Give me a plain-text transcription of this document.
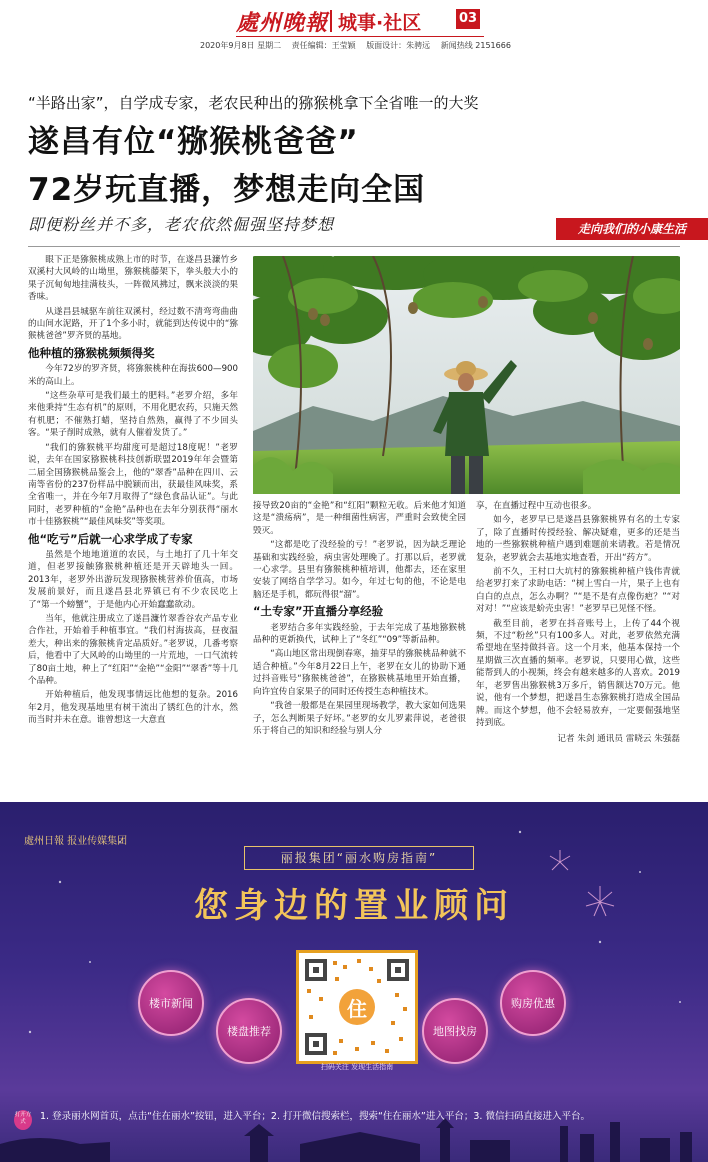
處州晚報 城事·社区	03
2020年9月8日 星期二 责任编辑：王莹颖 版面设计：朱骋远 新闻热线 2151666
“半路出家”，自学成专家，老农民种出的猕猴桃拿下全省唯一的大奖
遂昌有位“猕猴桃爸爸”
72岁玩直播，梦想走向全国
即便粉丝并不多，老农依然倔强坚持梦想	走向我们的小康生活

眼下正是猕猴桃成熟上市的时节，在遂昌县濂竹乡双溪村大风岭的山坳里，猕猴桃藤架下，拳头般大小的果子沉甸甸地挂满枝头，一阵微风拂过，飘来淡淡的果香味。

从遂昌县城驱车前往双溪村，经过数不清弯弯曲曲的山间水泥路，开了1个多小时，就能到达传说中的“猕猴桃爸爸”罗齐贤的基地。

他种植的猕猴桃频频得奖

今年72岁的罗齐贤，将猕猴桃种在海拔600—900米的高山上。

“这些杂草可是我们最土的肥料。”老罗介绍，多年来他秉持“生态有机”的原则，不用化肥农药，只施天然有机肥；不催熟打蜡，坚持自然熟，赢得了不少回头客。“果子削时成熟，就有人催着发货了。”

“我们的猕猴桃平均甜度可是超过18度呢！”老罗说，去年在国家猕猴桃科技创新联盟2019年年会暨第二届全国猕猴桃品鉴会上，他的“翠香”品种在四川、云南等省份的237份样品中脱颖而出，获最佳风味奖，系全省唯一，并在今年7月取得了“绿色食品认证”。与此同时，老罗种植的“金艳”品种也在去年分别获得“丽水市十佳猕猴桃”“最佳风味奖”等奖项。

他“吃亏”后就一心求学成了专家

虽然是个地地道道的农民，与土地打了几十年交道，但老罗接触猕猴桃种植还是开天辟地头一回。2013年，老罗外出游玩发现猕猴桃营养价值高，市场发展前景好，而且遂昌县北界镇已有不少农民吃上了“第一个螃蟹”，于是他内心开始蠢蠢欲动。

当年，他就注册成立了遂昌濂竹翠香谷农产品专业合作社，开始着手种植事宜。“我们村海拔高，昼夜温差大，种出来的猕猴桃肯定品质好。”老罗说，几番考察后，他看中了大风岭的山坳里的一片荒地，一口气流转了80亩土地，种上了“红阳”“金艳”“金阳”“翠香”等十几个品种。

开始种植后，他发现事情远比他想的复杂。2016年2月，他发现基地里有树干流出了锈红色的汁水，然而当时并未在意。谁曾想这一大意直

接导致20亩的“金艳”和“红阳”颗粒无收。后来他才知道这是“溃疡病”，是一种细菌性病害，严重时会致使全园毁灭。

“这都是吃了没经验的亏！”老罗说，因为缺乏理论基础和实践经验，病虫害处理晚了。打那以后，老罗就一心求学。县里有猕猴桃种植培训，他都去，还在家里安装了网络自学学习。如今，年过七旬的他，不论是电脑还是手机，都玩得很“溜”。

“土专家”开直播分享经验

老罗结合多年实践经验，于去年完成了基地猕猴桃品种的更新换代，试种上了“冬红”“09”等新品种。

“高山地区常出现倒春寒，抽芽早的猕猴桃品种就不适合种植。”今年8月22日上午，老罗在女儿的协助下通过抖音账号“猕猴桃爸爸”，在猕猴桃基地里开始直播，向许宜传自家果子的同时还传授生态种植技术。

“我爸一般都是在果园里现场教学，教大家如何选果子，怎么判断果子好坏。”老罗的女儿罗素萍说，老爸很乐于将自己的知识和经验与别人分

享，在直播过程中互动也很多。

如今，老罗早已是遂昌县猕猴桃界有名的土专家了，除了直播时传授经验、解决疑难，更多的还是当地的一些猕猴桃种植户遇到难题前来请教。若是情况复杂，老罗就会去基地实地查看，开出“药方”。

前不久，王村口大坑村的猕猴桃种植户钱伟青就给老罗打来了求助电话：“树上雪白一片，果子上也有白白的点点，怎么办啊？”“是不是有点像伤疤？”“对对对！”“应该是蚧壳虫害！”老罗早已见怪不怪。

截至目前，老罗在抖音账号上，上传了44个视频，不过“粉丝”只有100多人。对此，老罗依然充满希望地在坚持做抖音。这一个月来，他基本保持一个星期做三次直播的频率。老罗说，只要用心做，这些能帮到人的小视频，终会有越来越多的人喜欢。2019年，老罗售出猕猴桃3万多斤，销售额达70万元。他说，他有一个梦想，把遂昌生态猕猴桃打造成全国品牌。而这个梦想，他不会轻易放弃，一定要倔强地坚持到底。

记者 朱剑 通讯员 雷晓云 朱强磊

處州日報 报业传媒集团
丽报集团“丽水购房指南”
您身边的置业顾问
楼市新闻
楼盘推荐	地图找房
购房优惠
住
扫码关注 发现生活指南
打开方式	1. 登录丽水网首页，点击“住在丽水”按钮，进入平台；2. 打开微信搜索栏，搜索“住在丽水”进入平台；3. 微信扫码直接进入平台。
